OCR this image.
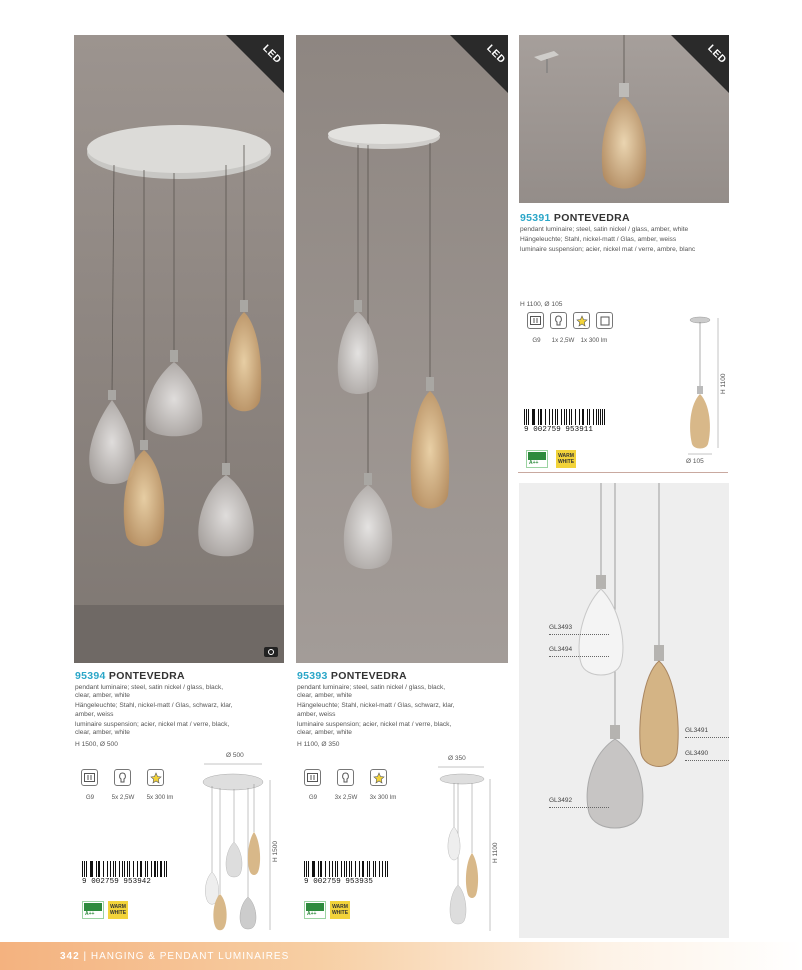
LED	LED	LED
95391 PONTEVEDRA

pendant luminaire; steel, satin nickel / glass, amber, white

Hängeleuchte; Stahl, nickel-matt / Glas, amber, weiss

luminaire suspension; acier, nickel mat / verre, ambre, blanc

H 1100, Ø 105
G9	1x 2,5W	1x 300 lm
9 002759 953911
A++
WARM WHITE
H 1100
Ø 105
GL3493
GL3494
GL3491
GL3490
GL3492
95394 PONTEVEDRA

pendant luminaire; steel, satin nickel / glass, black, clear, amber, white

Hängeleuchte; Stahl, nickel-matt / Glas, schwarz, klar, amber, weiss

luminaire suspension; acier, nickel mat / verre, black, clear, amber, white

H 1500, Ø 500
G9	5x 2,5W	5x 300 lm
9 002759 953942
A++
WARM WHITE
Ø 500
H 1500
95393 PONTEVEDRA

pendant luminaire; steel, satin nickel / glass, black, clear, amber, white

Hängeleuchte; Stahl, nickel-matt / Glas, schwarz, klar, amber, weiss

luminaire suspension; acier, nickel mat / verre, black, clear, amber, white

H 1100, Ø 350
G9	3x 2,5W	3x 300 lm
9 002759 953935
A++
WARM WHITE
Ø 350
H 1100
342 | HANGING & PENDANT LUMINAIRES
